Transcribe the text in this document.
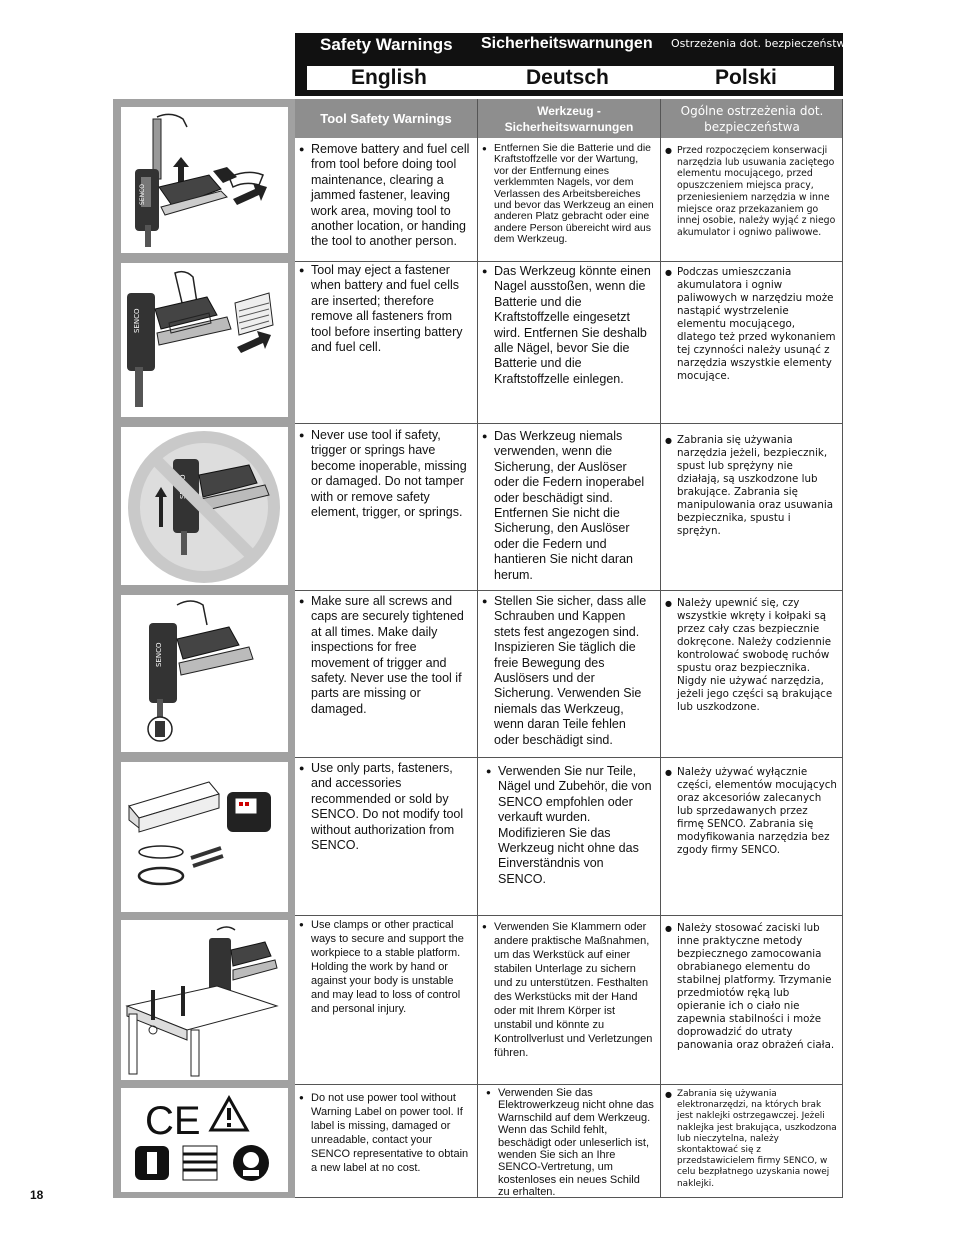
Safety Warnings Sicherheitswarnungen Ostrzeżenia dot. bezpieczeństwa
English	Deutsch	Polski
Tool Safety Warnings
Werkzeug - Sicherheitswarnungen
Ogólne ostrzeżenia dot. bezpieczeństwa
SENCO
SENCO
SENCO
CE
● Remove battery and fuel cell from tool before doing tool maintenance, clearing a jammed fastener, leaving work area, moving tool to another location, or handing the tool to another person.
● Entfernen Sie die Batterie und die Kraftstoffzelle vor der Wartung, vor der Entfernung eines verklemmten Nagels, vor dem Verlassen des Arbeitsbereiches und bevor das Werkzeug an einen anderen Platz gebracht oder eine andere Person übereicht wird aus dem Werkzeug.
● Przed rozpoczęciem konserwacji narzędzia lub usuwania zaciętego elementu mocującego, przed opuszczeniem miejsca pracy, przeniesieniem narzędzia w inne miejsce oraz przekazaniem go innej osobie, należy wyjąć z niego akumulator i ogniwo paliwowe.
● Tool may eject a fastener when battery and fuel cells are inserted; therefore remove all fasteners from tool before inserting battery and fuel cell.
● Das Werkzeug könnte einen Nagel ausstoßen, wenn die Batterie und die Kraftstoffzelle eingesetzt wird. Entfernen Sie deshalb alle Nägel, bevor Sie die Batterie und die Kraftstoffzelle einlegen.
● Podczas umieszczania akumulatora i ogniw paliwowych w narzędziu może nastąpić wystrzelenie elementu mocującego, dlatego też przed wykonaniem tej czynności należy usunąć z narzędzia wszystkie elementy mocujące.
● Never use tool if safety, trigger or springs have become inoperable, missing or damaged. Do not tamper with or remove safety element, trigger, or springs.
● Das Werkzeug niemals verwenden, wenn die Sicherung, der Auslöser oder die Federn inoperabel oder beschädigt sind. Entfernen Sie nicht die Sicherung, den Auslöser oder die Federn und hantieren Sie nicht daran herum.
● Zabrania się używania narzędzia jeżeli, bezpiecznik, spust lub sprężyny nie działają, są uszkodzone lub brakujące. Zabrania się manipulowania oraz usuwania bezpiecznika, spustu i sprężyn.
● Make sure all screws and caps are securely tightened at all times. Make daily inspections for free movement of trigger and safety. Never use the tool if parts are missing or damaged.
● Stellen Sie sicher, dass alle Schrauben und Kappen stets fest angezogen sind. Inspizieren Sie täglich die freie Bewegung des Auslösers und der Sicherung. Verwenden Sie niemals das Werkzeug, wenn daran Teile fehlen oder beschädigt sind.
● Należy upewnić się, czy wszystkie wkręty i kołpaki są przez cały czas bezpiecznie dokręcone. Należy codziennie kontrolować swobodę ruchów spustu oraz bezpiecznika. Nigdy nie używać narzędzia, jeżeli jego części są brakujące lub uszkodzone.
● Use only parts, fasteners, and accessories recommended or sold by SENCO. Do not modify tool without authorization from SENCO.
● Verwenden Sie nur Teile, Nägel und Zubehör, die von SENCO empfohlen oder verkauft wurden. Modifizieren Sie das Werkzeug nicht ohne das Einverständnis von SENCO.
● Należy używać wyłącznie części, elementów mocujących oraz akcesoriów zalecanych lub sprzedawanych przez firmę SENCO. Zabrania się modyfikowania narzędzia bez zgody firmy SENCO.
● Use clamps or other practical ways to secure and support the workpiece to a stable platform. Holding the work by hand or against your body is unstable and may lead to loss of control and personal injury.
● Verwenden Sie Klammern oder andere praktische Maßnahmen, um das Werkstück auf einer stabilen Unterlage zu sichern und zu unterstützen. Festhalten des Werkstücks mit der Hand oder mit Ihrem Körper ist unstabil und könnte zu Kontrollverlust und Verletzungen führen.
● Należy stosować zaciski lub inne praktyczne metody bezpiecznego zamocowania obrabianego elementu do stabilnej platformy. Trzymanie przedmiotów ręką lub opieranie ich o ciało nie zapewnia stabilności i może doprowadzić do utraty panowania oraz obrażeń ciała.
● Do not use power tool without Warning Label on power tool. If label is missing, damaged or unreadable, contact your SENCO representative to obtain a new label at no cost.
● Verwenden Sie das Elektrowerkzeug nicht ohne das Warnschild auf dem Werkzeug. Wenn das Schild fehlt, beschädigt oder unleserlich ist, wenden Sie sich an Ihre SENCO-Vertretung, um kostenloses ein neues Schild zu erhalten.
● Zabrania się używania elektronarzędzi, na których brak jest naklejki ostrzegawczej. Jeżeli naklejka jest brakująca, uszkodzona lub nieczytelna, należy skontaktować się z przedstawicielem firmy SENCO, w celu bezpłatnego uzyskania nowej naklejki.
18
